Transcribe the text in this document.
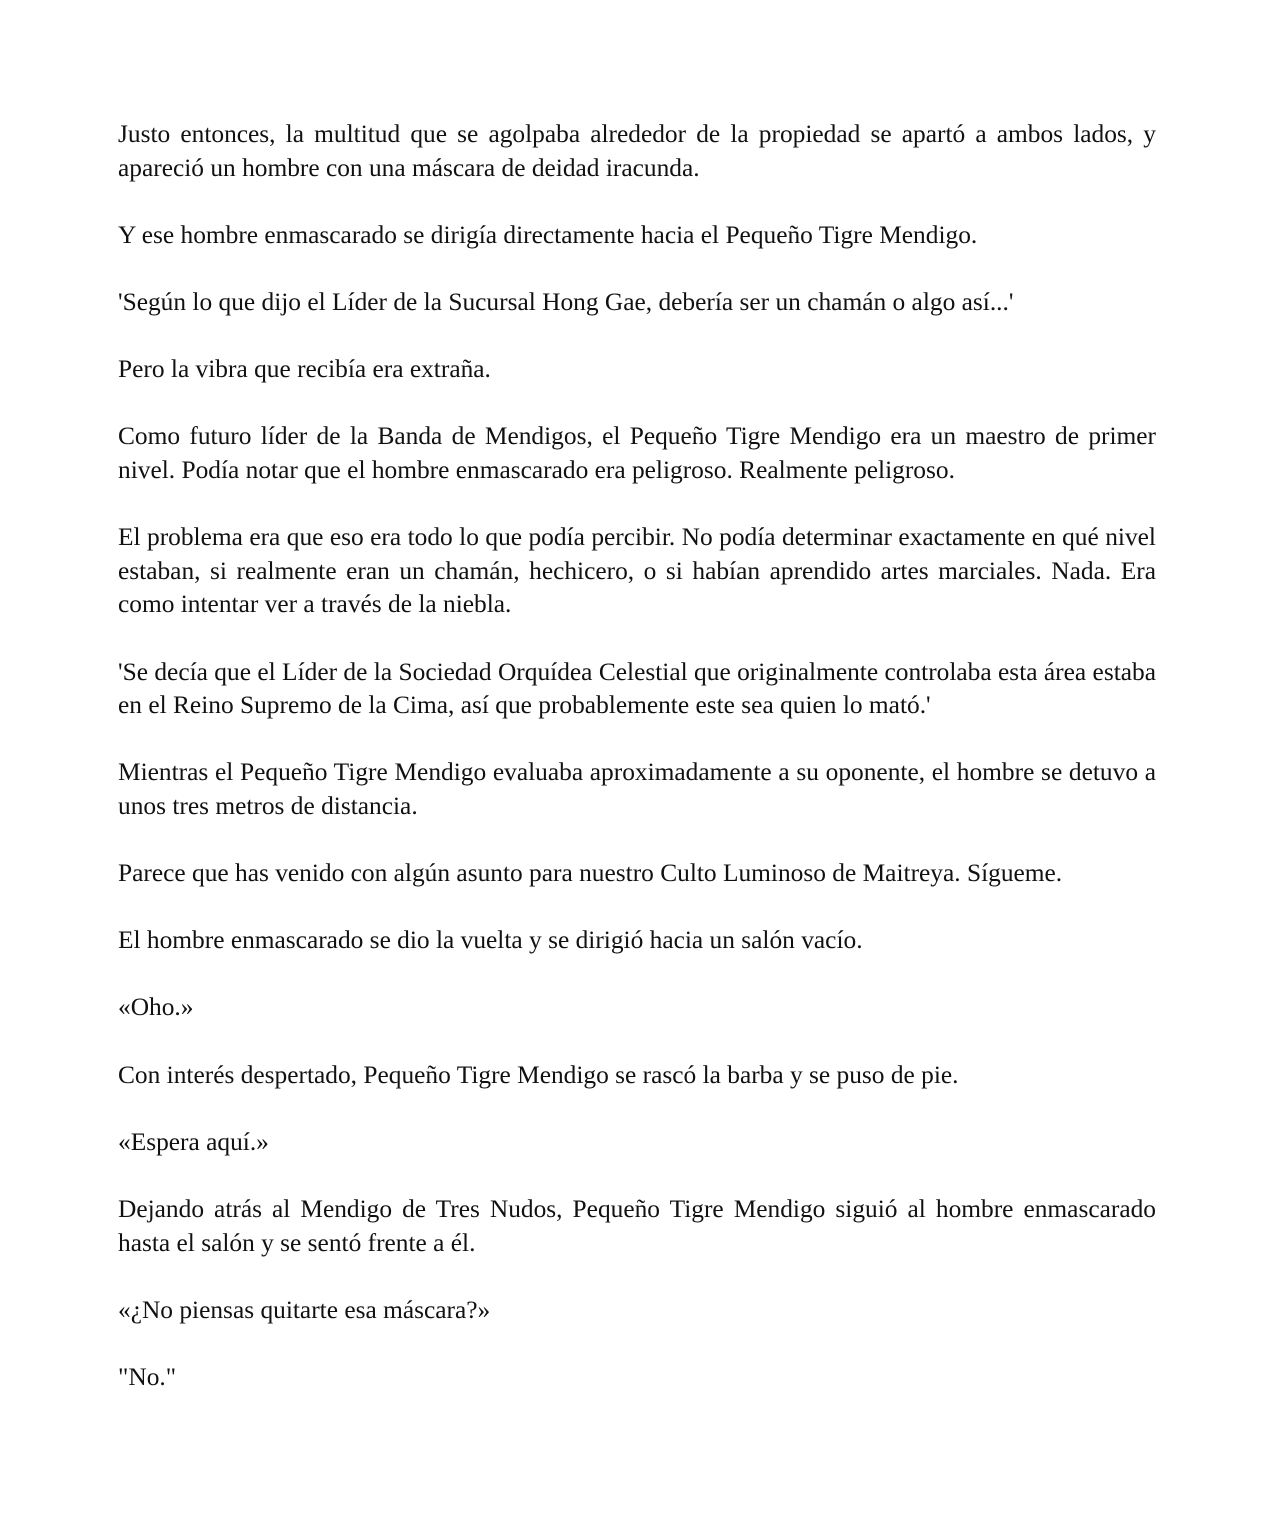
Justo entonces, la multitud que se agolpaba alrededor de la propiedad se apartó a ambos lados, y apareció un hombre con una máscara de deidad iracunda.

Y ese hombre enmascarado se dirigía directamente hacia el Pequeño Tigre Mendigo.

'Según lo que dijo el Líder de la Sucursal Hong Gae, debería ser un chamán o algo así...'

Pero la vibra que recibía era extraña.

Como futuro líder de la Banda de Mendigos, el Pequeño Tigre Mendigo era un maestro de primer nivel. Podía notar que el hombre enmascarado era peligroso. Realmente peligroso.

El problema era que eso era todo lo que podía percibir. No podía determinar exactamente en qué nivel estaban, si realmente eran un chamán, hechicero, o si habían aprendido artes marciales. Nada. Era como intentar ver a través de la niebla.

'Se decía que el Líder de la Sociedad Orquídea Celestial que originalmente controlaba esta área estaba en el Reino Supremo de la Cima, así que probablemente este sea quien lo mató.'

Mientras el Pequeño Tigre Mendigo evaluaba aproximadamente a su oponente, el hombre se detuvo a unos tres metros de distancia.

Parece que has venido con algún asunto para nuestro Culto Luminoso de Maitreya. Sígueme.

El hombre enmascarado se dio la vuelta y se dirigió hacia un salón vacío.

«Oho.»

Con interés despertado, Pequeño Tigre Mendigo se rascó la barba y se puso de pie.

«Espera aquí.»

Dejando atrás al Mendigo de Tres Nudos, Pequeño Tigre Mendigo siguió al hombre enmascarado hasta el salón y se sentó frente a él.

«¿No piensas quitarte esa máscara?»

"No."
